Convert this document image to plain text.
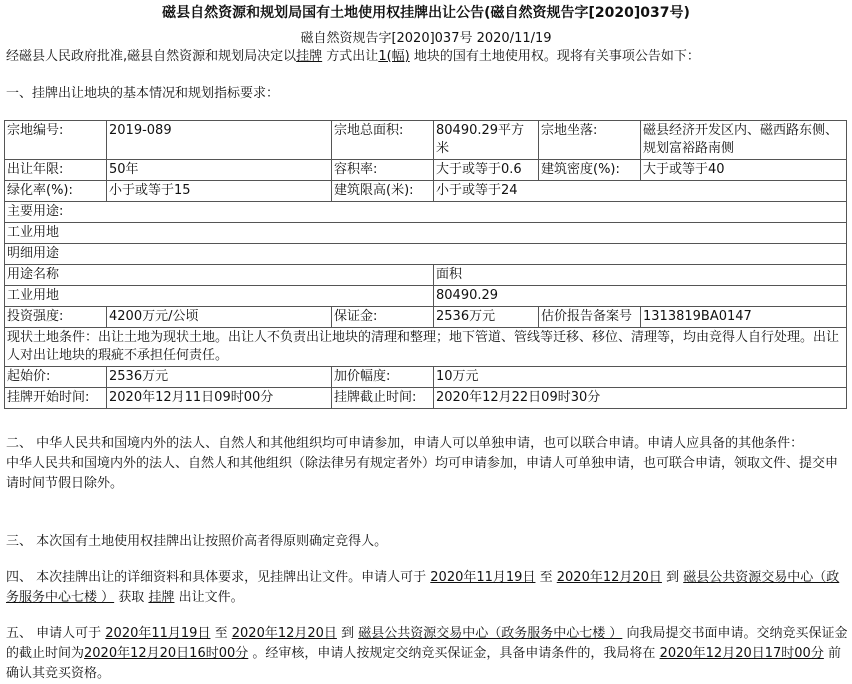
磁县自然资源和规划局国有土地使用权挂牌出让公告(磁自然资规告字[2020]037号)
磁自然资规告字[2020]037号 2020/11/19
经磁县人民政府批准,磁县自然资源和规划局决定以挂牌 方式出让1(幅) 地块的国有土地使用权。现将有关事项公告如下：
一、挂牌出让地块的基本情况和规划指标要求：
宗地编号:	2019-089	宗地总面积:	80490.29平方米	宗地坐落:	磁县经济开发区内、磁西路东侧、规划富裕路南侧
出让年限:	50年	容积率:	大于或等于0.6	建筑密度(%):	大于或等于40
绿化率(%):	小于或等于15	建筑限高(米):	小于或等于24		
主要用途:					
工业用地					
明细用途					
用途名称			面积		
工业用地			80490.29		
投资强度:	4200万元/公顷	保证金:	2536万元	估价报告备案号	1313819BA0147
现状土地条件：出让土地为现状土地。出让人不负责出让地块的清理和整理；地下管道、管线等迁移、移位、清理等，均由竞得人自行处理。出让人对出让地块的瑕疵不承担任何责任。					
起始价:	2536万元	加价幅度:	10万元		
挂牌开始时间:	2020年12月11日09时00分	挂牌截止时间:	2020年12月22日09时30分		
二、 中华人民共和国境内外的法人、自然人和其他组织均可申请参加，申请人可以单独申请，也可以联合申请。申请人应具备的其他条件：
中华人民共和国境内外的法人、自然人和其他组织（除法律另有规定者外）均可申请参加，申请人可单独申请，也可联合申请，领取文件、提交申请时间节假日除外。
三、 本次国有土地使用权挂牌出让按照价高者得原则确定竞得人。
四、 本次挂牌出让的详细资料和具体要求，见挂牌出让文件。申请人可于 2020年11月19日 至 2020年12月20日 到 磁县公共资源交易中心（政务服务中心七楼 ） 获取 挂牌 出让文件。
五、 申请人可于 2020年11月19日 至 2020年12月20日 到 磁县公共资源交易中心（政务服务中心七楼 ） 向我局提交书面申请。交纳竞买保证金的截止时间为2020年12月20日16时00分 。经审核，申请人按规定交纳竞买保证金，具备申请条件的，我局将在 2020年12月20日17时00分 前确认其竞买资格。
